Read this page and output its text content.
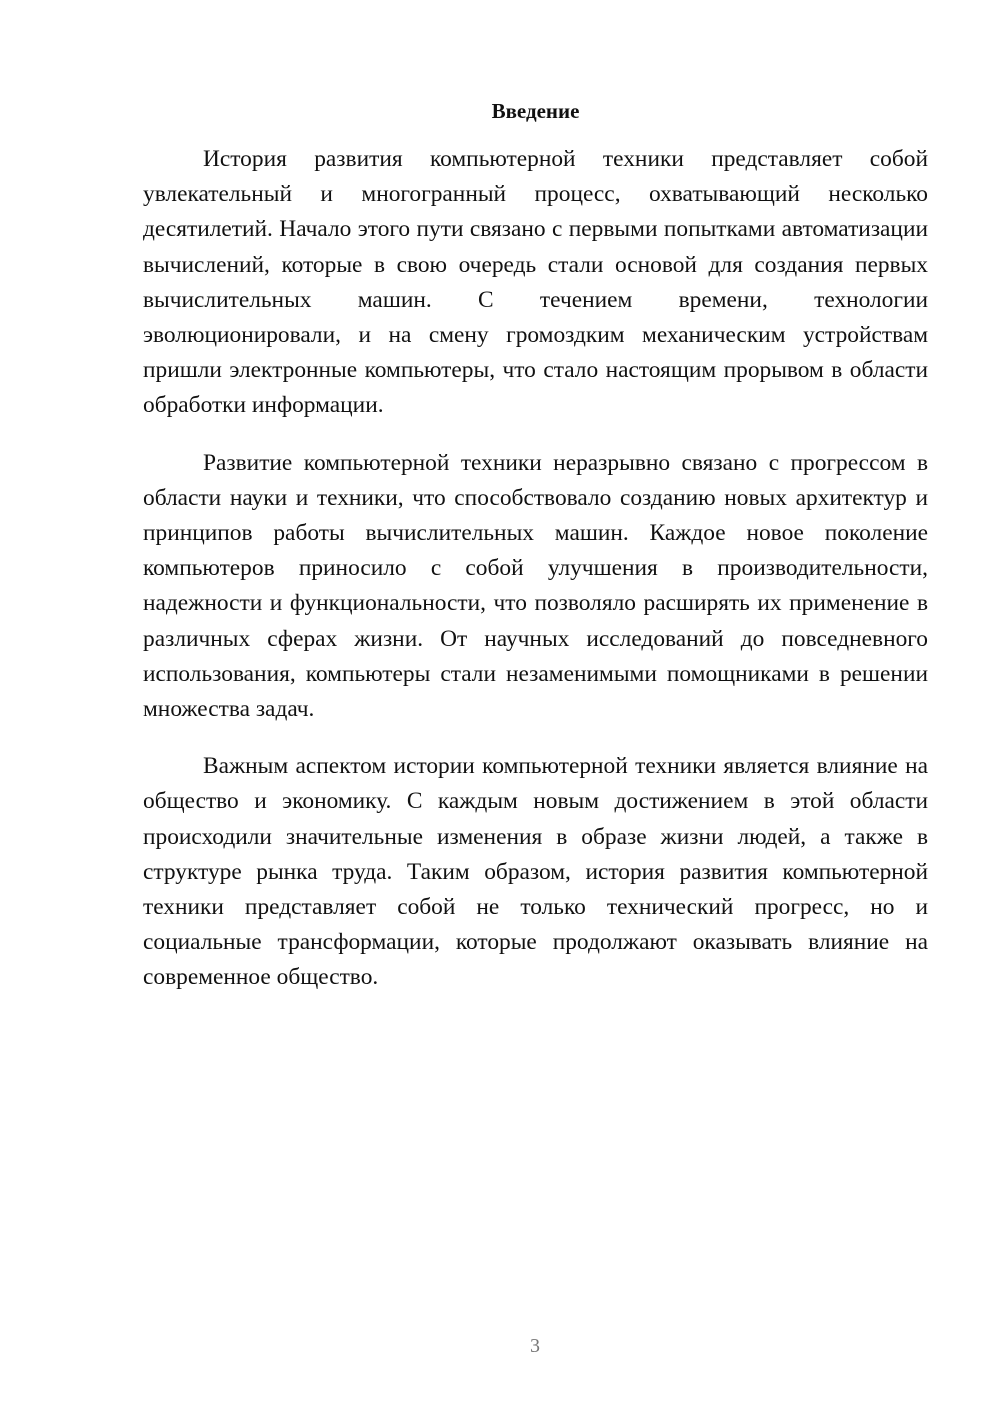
Введение

История развития компьютерной техники представляет собой увлекательный и многогранный процесс, охватывающий несколько десятилетий. Начало этого пути связано с первыми попытками автоматизации вычислений, которые в свою очередь стали основой для создания первых вычислительных машин. С течением времени, технологии эволюционировали, и на смену громоздким механическим устройствам пришли электронные компьютеры, что стало настоящим прорывом в области обработки информации.

Развитие компьютерной техники неразрывно связано с прогрессом в области науки и техники, что способствовало созданию новых архитектур и принципов работы вычислительных машин. Каждое новое поколение компьютеров приносило с собой улучшения в производительности, надежности и функциональности, что позволяло расширять их применение в различных сферах жизни. От научных исследований до повседневного использования, компьютеры стали незаменимыми помощниками в решении множества задач.

Важным аспектом истории компьютерной техники является влияние на общество и экономику. С каждым новым достижением в этой области происходили значительные изменения в образе жизни людей, а также в структуре рынка труда. Таким образом, история развития компьютерной техники представляет собой не только технический прогресс, но и социальные трансформации, которые продолжают оказывать влияние на современное общество.

3
